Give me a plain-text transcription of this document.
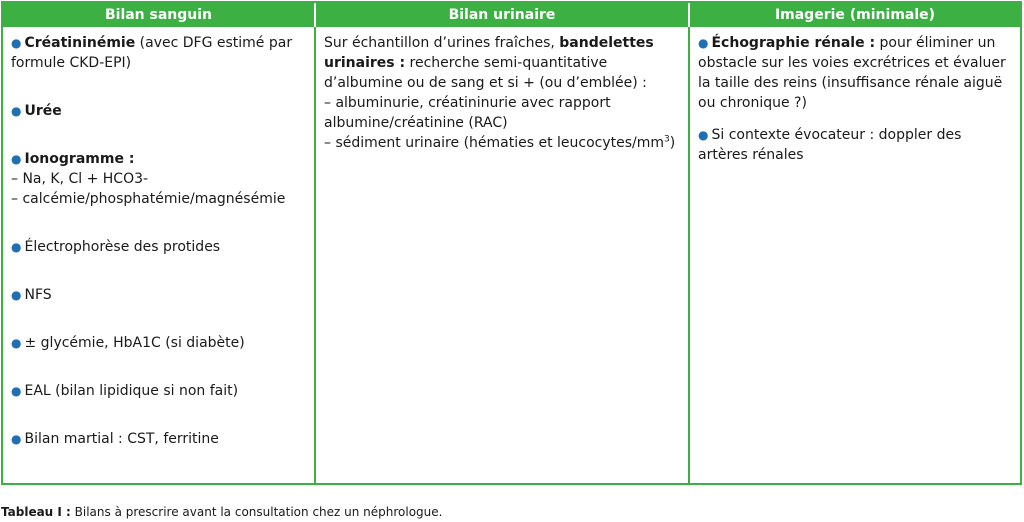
Bilan sanguin	Bilan urinaire	Imagerie (minimale)
● Créatininémie (avec DFG estimé par formule CKD-EPI)
● Urée
● Ionogramme :
– Na, K, Cl + HCO3-
– calcémie/phosphatémie/magnésémie
● Électrophorèse des protides
● NFS
● ± glycémie, HbA1C (si diabète)
● EAL (bilan lipidique si non fait)
● Bilan martial : CST, ferritine
Sur échantillon d’urines fraîches, bandelettes urinaires : recherche semi-quantitative d’albumine ou de sang et si + (ou d’emblée) :
– albuminurie, créatininurie avec rapport albumine/créatinine (RAC)
– sédiment urinaire (hématies et leucocytes/$mm^3$)
● Échographie rénale : pour éliminer un obstacle sur les voies excrétrices et évaluer la taille des reins (insuffisance rénale aiguë ou chronique ?)
● Si contexte évocateur : doppler des artères rénales
Tableau I : Bilans à prescrire avant la consultation chez un néphrologue.
